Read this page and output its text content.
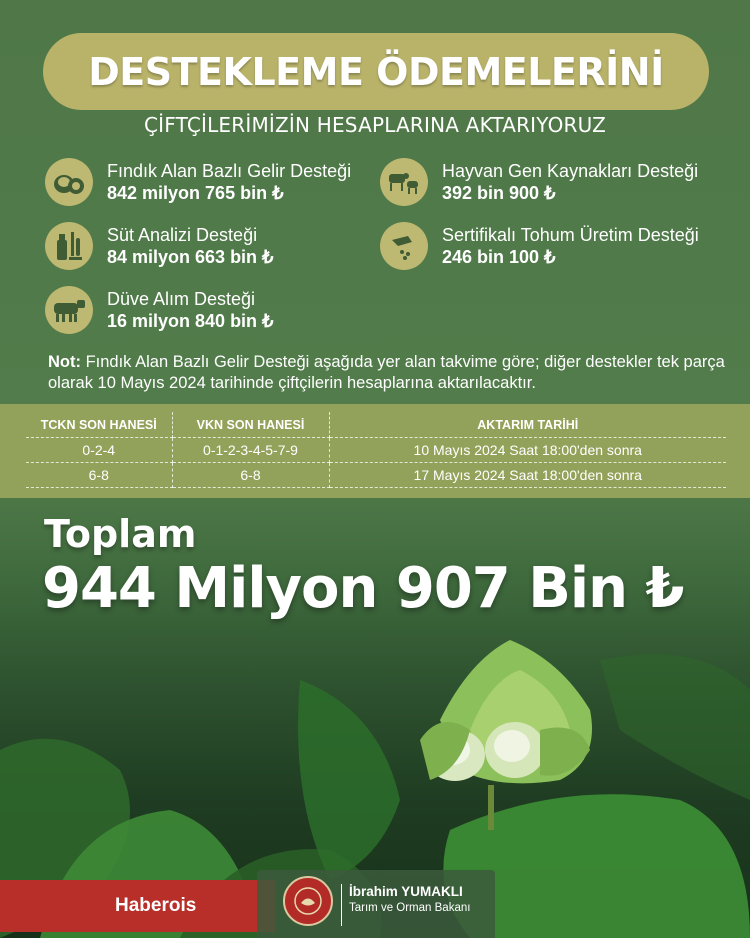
DESTEKLEME ÖDEMELERİNİ
ÇİFTÇİLERİMİZİN HESAPLARINA AKTARIYORUZ
Fındık Alan Bazlı Gelir Desteği
842 milyon 765 bin ₺
Hayvan Gen Kaynakları Desteği
392 bin 900 ₺
Süt Analizi Desteği
84 milyon 663 bin ₺
Sertifikalı Tohum Üretim Desteği
246 bin 100 ₺
Düve Alım Desteği
16 milyon 840 bin ₺
Not: Fındık Alan Bazlı Gelir Desteği aşağıda yer alan takvime göre; diğer destekler tek parça olarak 10 Mayıs 2024 tarihinde çiftçilerin hesaplarına aktarılacaktır.
TCKN SON HANESİ	VKN SON HANESİ	AKTARIM TARİHİ
0-2-4	0-1-2-3-4-5-7-9	10 Mayıs 2024 Saat 18:00'den sonra
6-8	6-8	17 Mayıs 2024 Saat 18:00'den sonra
Toplam
944 Milyon 907 Bin ₺
Haberois
İbrahim YUMAKLI
Tarım ve Orman Bakanı
